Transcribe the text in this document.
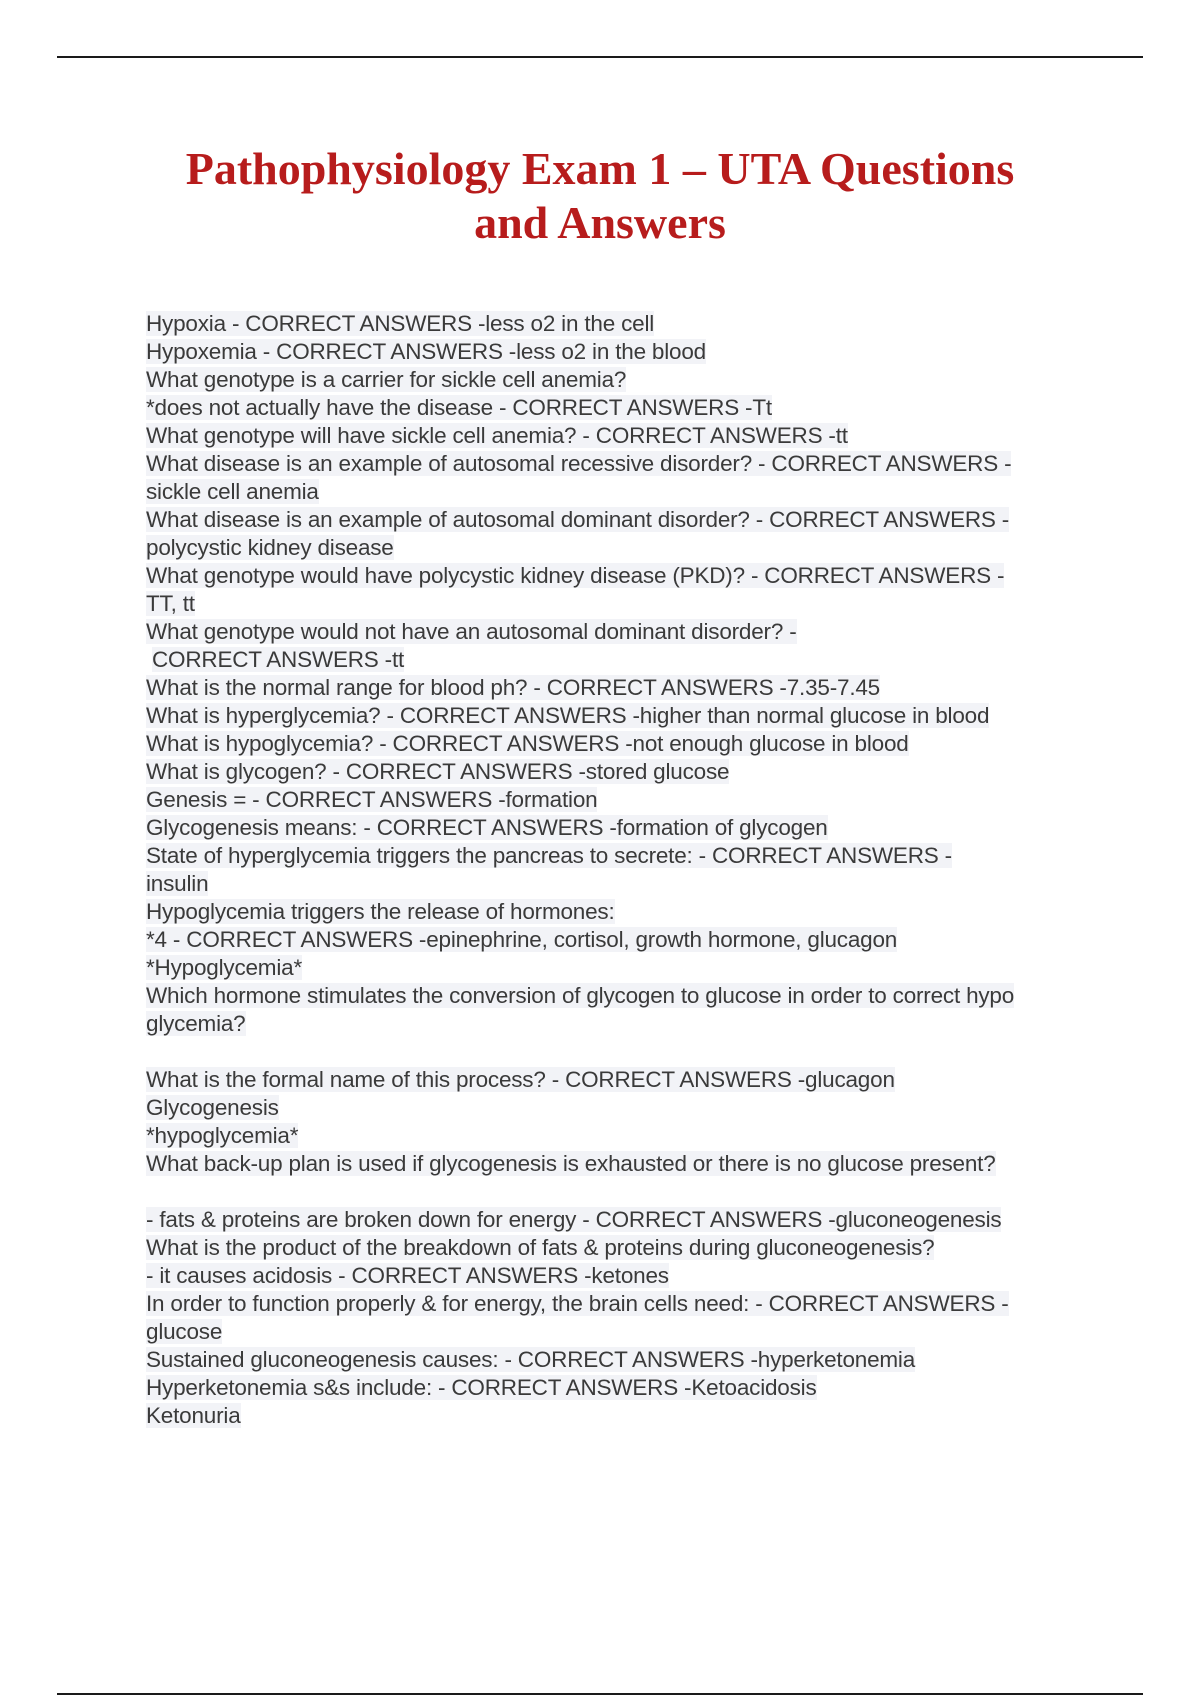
Pathophysiology Exam 1 – UTA Questions
and Answers
Hypoxia - CORRECT ANSWERS -less o2 in the cell
Hypoxemia - CORRECT ANSWERS -less o2 in the blood
What genotype is a carrier for sickle cell anemia?
*does not actually have the disease - CORRECT ANSWERS -Tt
What genotype will have sickle cell anemia? - CORRECT ANSWERS -tt
What disease is an example of autosomal recessive disorder? - CORRECT ANSWERS -
sickle cell anemia
What disease is an example of autosomal dominant disorder? - CORRECT ANSWERS -
polycystic kidney disease
What genotype would have polycystic kidney disease (PKD)? - CORRECT ANSWERS -
TT, tt
What genotype would not have an autosomal dominant disorder? -
CORRECT ANSWERS -tt
What is the normal range for blood ph? - CORRECT ANSWERS -7.35-7.45
What is hyperglycemia? - CORRECT ANSWERS -higher than normal glucose in blood
What is hypoglycemia? - CORRECT ANSWERS -not enough glucose in blood
What is glycogen? - CORRECT ANSWERS -stored glucose
Genesis = - CORRECT ANSWERS -formation
Glycogenesis means: - CORRECT ANSWERS -formation of glycogen
State of hyperglycemia triggers the pancreas to secrete: - CORRECT ANSWERS -
insulin
Hypoglycemia triggers the release of hormones:
*4 - CORRECT ANSWERS -epinephrine, cortisol, growth hormone, glucagon
*Hypoglycemia*
Which hormone stimulates the conversion of glycogen to glucose in order to correct hypo
glycemia?
What is the formal name of this process? - CORRECT ANSWERS -glucagon
Glycogenesis
*hypoglycemia*
What back-up plan is used if glycogenesis is exhausted or there is no glucose present?
- fats & proteins are broken down for energy - CORRECT ANSWERS -gluconeogenesis
What is the product of the breakdown of fats & proteins during gluconeogenesis?
- it causes acidosis - CORRECT ANSWERS -ketones
In order to function properly & for energy, the brain cells need: - CORRECT ANSWERS -
glucose
Sustained gluconeogenesis causes: - CORRECT ANSWERS -hyperketonemia
Hyperketonemia s&s include: - CORRECT ANSWERS -Ketoacidosis
Ketonuria
